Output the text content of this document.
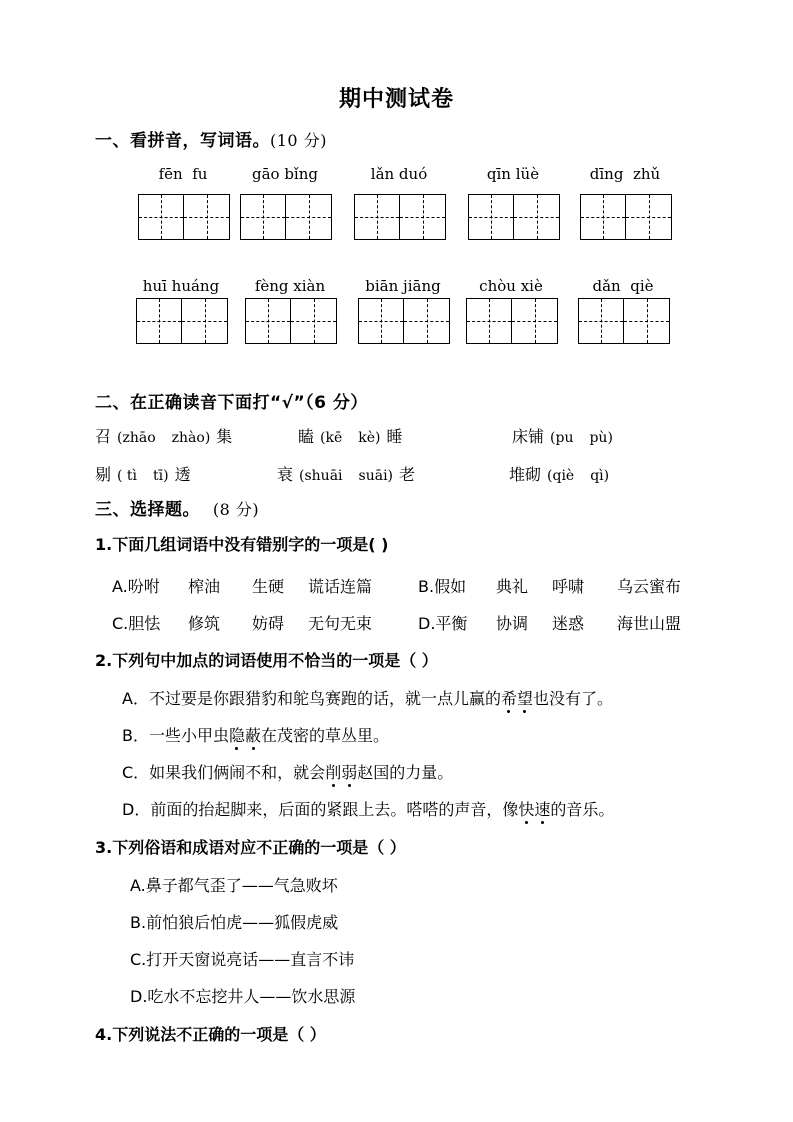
期中测试卷
一、看拼音，写词语。(10 分)
fēn  fu	gāo bǐng	lǎn duó	qīn lüè	dīng  zhǔ
huī huáng	fèng xiàn	biān jiāng	chòu xiè	dǎn  qiè
二、在正确读音下面打“√”（6 分）
召 (zhāo zhào) 集	瞌 (kē kè) 睡	床铺 (pu pù)
剔 ( tì tī) 透	衰 (shuāi suāi) 老	堆砌 (qiè qì)
三、选择题。 (8 分)
1.下面几组词语中没有错别字的一项是( )
A.吩咐 榨油 生硬 谎话连篇	B.假如 典礼 呼啸 乌云蜜布
C.胆怯 修筑 妨碍 无句无束	D.平衡 协调 迷惑 海世山盟
2.下列句中加点的词语使用不恰当的一项是（ ）
A．不过要是你跟猎豹和鸵鸟赛跑的话，就一点儿赢的希望也没有了。
B．一些小甲虫隐蔽在茂密的草丛里。
C．如果我们俩闹不和，就会削弱赵国的力量。
D．前面的抬起脚来，后面的紧跟上去。嗒嗒的声音，像快速的音乐。
3.下列俗语和成语对应不正确的一项是（ ）
A.鼻子都气歪了——气急败坏
B.前怕狼后怕虎——狐假虎威
C.打开天窗说亮话——直言不讳
D.吃水不忘挖井人——饮水思源
4.下列说法不正确的一项是（ ）
